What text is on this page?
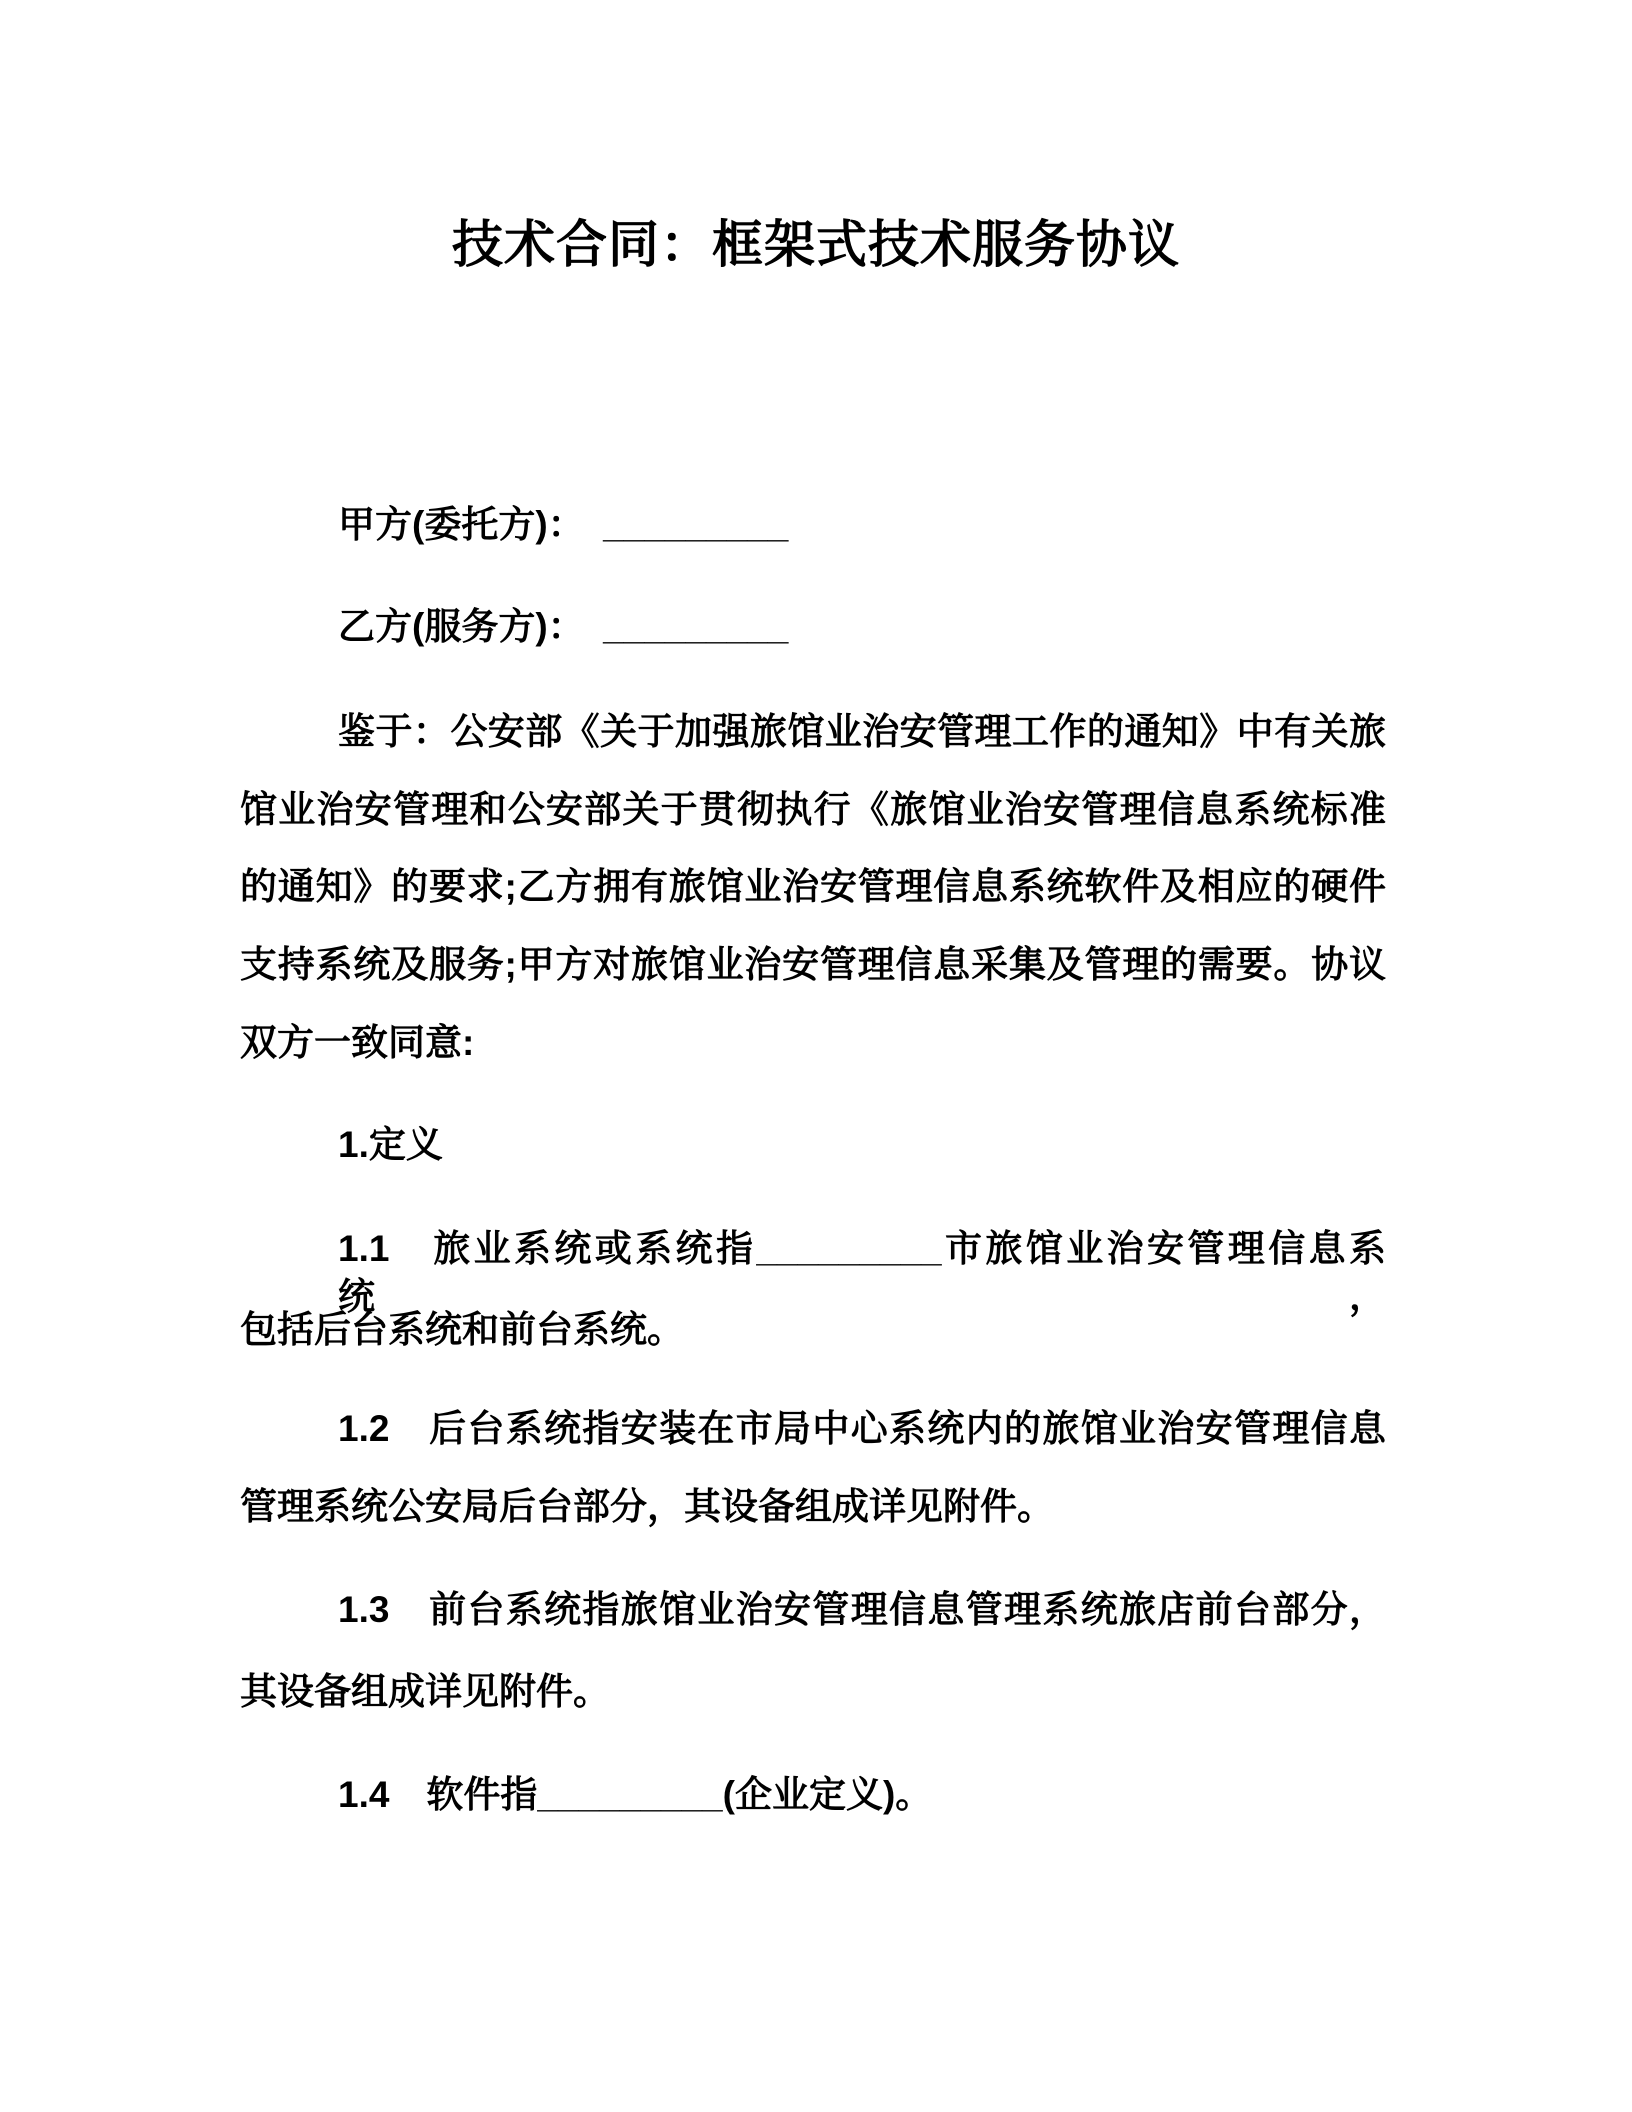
技术合同：框架式技术服务协议
甲方(委托方)：　_________
乙方(服务方)：　_________
鉴于：公安部《关于加强旅馆业治安管理工作的通知》中有关旅
馆业治安管理和公安部关于贯彻执行《旅馆业治安管理信息系统标准
的通知》的要求;乙方拥有旅馆业治安管理信息系统软件及相应的硬件
支持系统及服务;甲方对旅馆业治安管理信息采集及管理的需要。协议
双方一致同意:
1.定义
1.1　旅业系统或系统指_________市旅馆业治安管理信息系统，
包括后台系统和前台系统。
1.2　后台系统指安装在市局中心系统内的旅馆业治安管理信息
管理系统公安局后台部分，其设备组成详见附件。
1.3　前台系统指旅馆业治安管理信息管理系统旅店前台部分，
其设备组成详见附件。
1.4　软件指_________(企业定义)。
